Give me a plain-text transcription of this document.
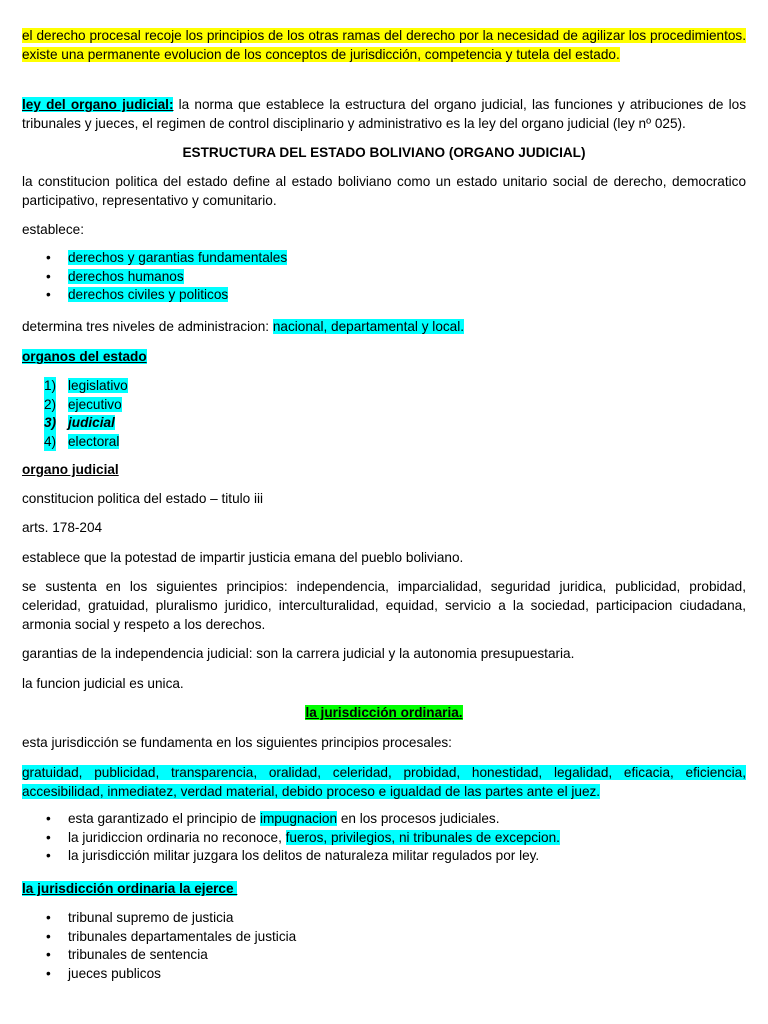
el derecho procesal recoje los principios de los otras ramas del derecho por la necesidad de agilizar los procedimientos. existe una permanente evolucion de los conceptos de jurisdicción, competencia y tutela del estado.

ley del organo judicial: la norma que establece la estructura del organo judicial, las funciones y atribuciones de los tribunales y jueces, el regimen de control disciplinario y administrativo es la ley del organo judicial (ley nº 025).

ESTRUCTURA DEL ESTADO BOLIVIANO (ORGANO JUDICIAL)

la constitucion politica del estado define al estado boliviano como un estado unitario social de derecho, democratico participativo, representativo y comunitario.

establece:

• derechos y garantias fundamentales
• derechos humanos
• derechos civiles y politicos

determina tres niveles de administracion: nacional, departamental y local.

organos del estado

1) legislativo
2) ejecutivo
3) judicial
4) electoral

organo judicial

constitucion politica del estado – titulo iii

arts. 178-204

establece que la potestad de impartir justicia emana del pueblo boliviano.

se sustenta en los siguientes principios: independencia, imparcialidad, seguridad juridica, publicidad, probidad, celeridad, gratuidad, pluralismo juridico, interculturalidad, equidad, servicio a la sociedad, participacion ciudadana, armonia social y respeto a los derechos.

garantias de la independencia judicial: son la carrera judicial y la autonomia presupuestaria.

la funcion judicial es unica.

la jurisdicción ordinaria.

esta jurisdicción se fundamenta en los siguientes principios procesales:

gratuidad, publicidad, transparencia, oralidad, celeridad, probidad, honestidad, legalidad, eficacia, eficiencia, accesibilidad, inmediatez, verdad material, debido proceso e igualdad de las partes ante el juez.

• esta garantizado el principio de impugnacion en los procesos judiciales.
• la juridiccion ordinaria no reconoce, fueros, privilegios, ni tribunales de excepcion.
• la jurisdicción militar juzgara los delitos de naturaleza militar regulados por ley.

la jurisdicción ordinaria la ejerce

• tribunal supremo de justicia
• tribunales departamentales de justicia
• tribunales de sentencia
• jueces publicos
